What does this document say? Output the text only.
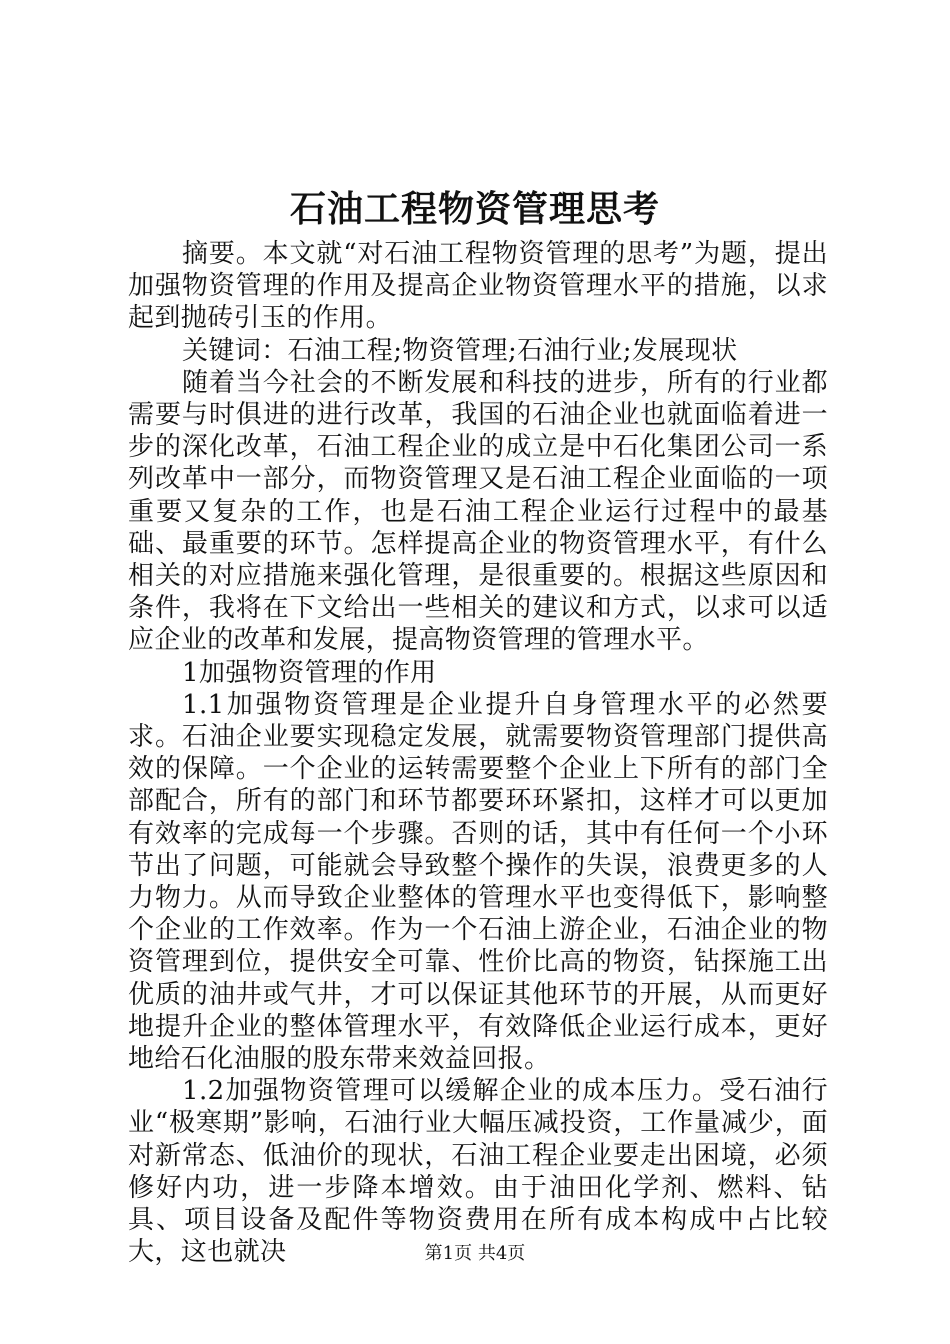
石油工程物资管理思考

摘要。本文就“对石油工程物资管理的思考”为题，提出加强物资管理的作用及提高企业物资管理水平的措施，以求起到抛砖引玉的作用。

关键词：石油工程;物资管理;石油行业;发展现状

随着当今社会的不断发展和科技的进步，所有的行业都需要与时俱进的进行改革，我国的石油企业也就面临着进一步的深化改革，石油工程企业的成立是中石化集团公司一系列改革中一部分，而物资管理又是石油工程企业面临的一项重要又复杂的工作，也是石油工程企业运行过程中的最基础、最重要的环节。怎样提高企业的物资管理水平，有什么相关的对应措施来强化管理，是很重要的。根据这些原因和条件，我将在下文给出一些相关的建议和方式，以求可以适应企业的改革和发展，提高物资管理的管理水平。

1加强物资管理的作用

1.1加强物资管理是企业提升自身管理水平的必然要求。石油企业要实现稳定发展，就需要物资管理部门提供高效的保障。一个企业的运转需要整个企业上下所有的部门全部配合，所有的部门和环节都要环环紧扣，这样才可以更加有效率的完成每一个步骤。否则的话，其中有任何一个小环节出了问题，可能就会导致整个操作的失误，浪费更多的人力物力。从而导致企业整体的管理水平也变得低下，影响整个企业的工作效率。作为一个石油上游企业，石油企业的物资管理到位，提供安全可靠、性价比高的物资，钻探施工出优质的油井或气井，才可以保证其他环节的开展，从而更好地提升企业的整体管理水平，有效降低企业运行成本，更好地给石化油服的股东带来效益回报。

1.2加强物资管理可以缓解企业的成本压力。受石油行业“极寒期”影响，石油行业大幅压减投资，工作量减少，面对新常态、低油价的现状，石油工程企业要走出困境，必须修好内功，进一步降本增效。由于油田化学剂、燃料、钻具、项目设备及配件等物资费用在所有成本构成中占比较大，这也就决	第1页 共4页
